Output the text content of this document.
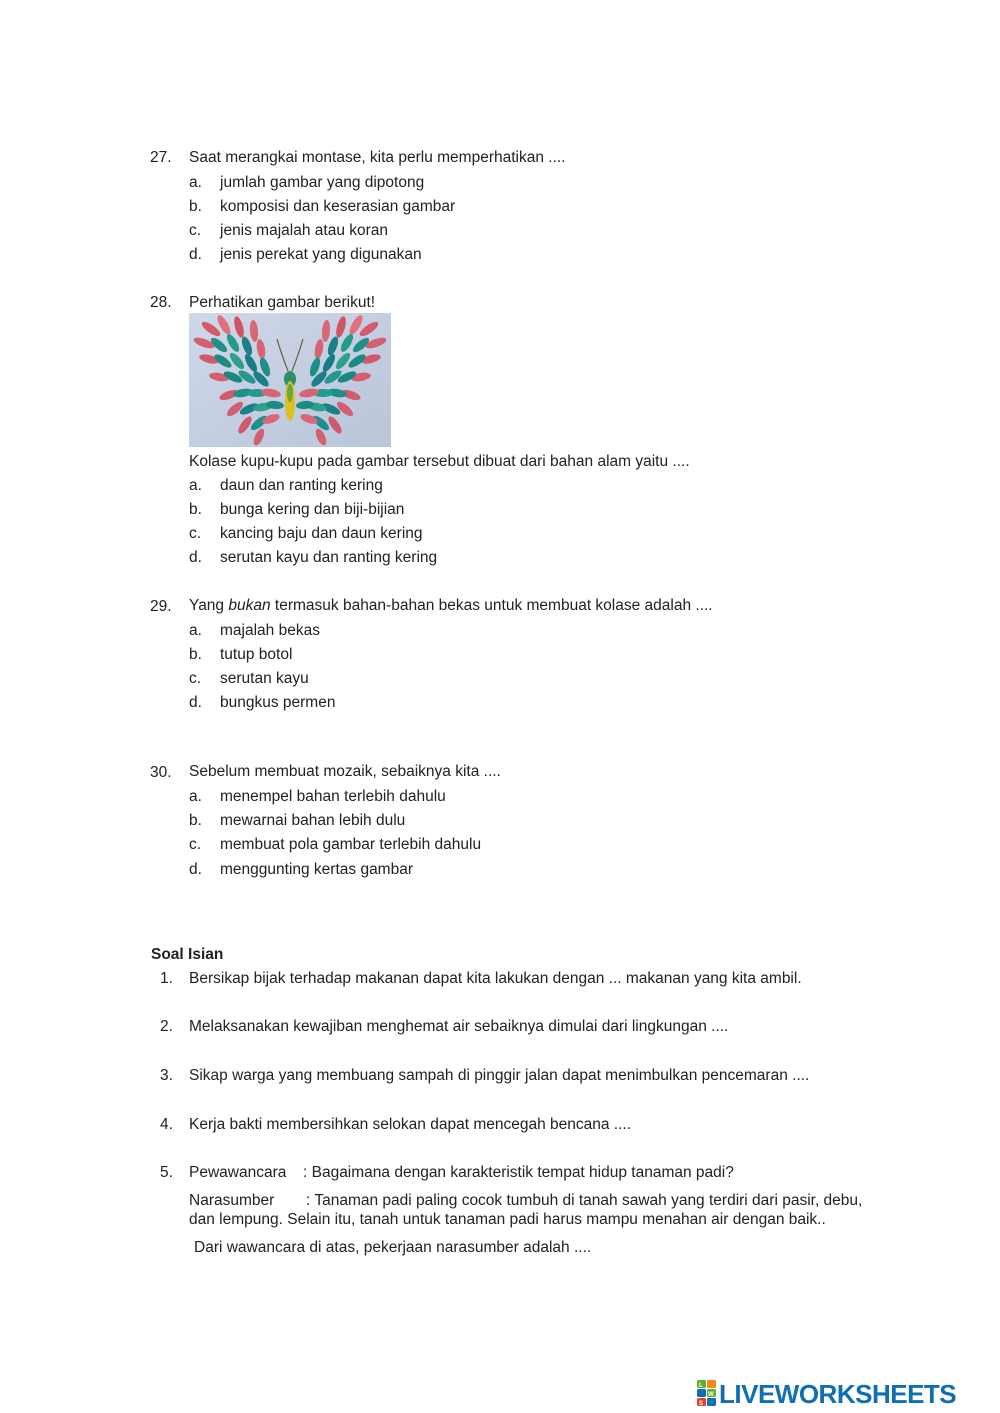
27. Saat merangkai montase, kita perlu memperhatikan ....
a. jumlah gambar yang dipotong
b. komposisi dan keserasian gambar
c. jenis majalah atau koran
d. jenis perekat yang digunakan
28. Perhatikan gambar berikut!
Kolase kupu-kupu pada gambar tersebut dibuat dari bahan alam yaitu ....
a. daun dan ranting kering
b. bunga kering dan biji-bijian
c. kancing baju dan daun kering
d. serutan kayu dan ranting kering
29. Yang bukan termasuk bahan-bahan bekas untuk membuat kolase adalah ....
a. majalah bekas
b. tutup botol
c. serutan kayu
d. bungkus permen
30. Sebelum membuat mozaik, sebaiknya kita ....
a. menempel bahan terlebih dahulu
b. mewarnai bahan lebih dulu
c. membuat pola gambar terlebih dahulu
d. menggunting kertas gambar
Soal Isian
1. Bersikap bijak terhadap makanan dapat kita lakukan dengan ... makanan yang kita ambil.
2. Melaksanakan kewajiban menghemat air sebaiknya dimulai dari lingkungan ....
3. Sikap warga yang membuang sampah di pinggir jalan dapat menimbulkan pencemaran ....
4. Kerja bakti membersihkan selokan dapat mencegah bencana ....
5. Pewawancara : Bagaimana dengan karakteristik tempat hidup tanaman padi?
Narasumber : Tanaman padi paling cocok tumbuh di tanah sawah yang terdiri dari pasir, debu,
dan lempung. Selain itu, tanah untuk tanaman padi harus mampu menahan air dengan baik..
Dari wawancara di atas, pekerjaan narasumber adalah ....
L
W
S LIVEWORKSHEETS
